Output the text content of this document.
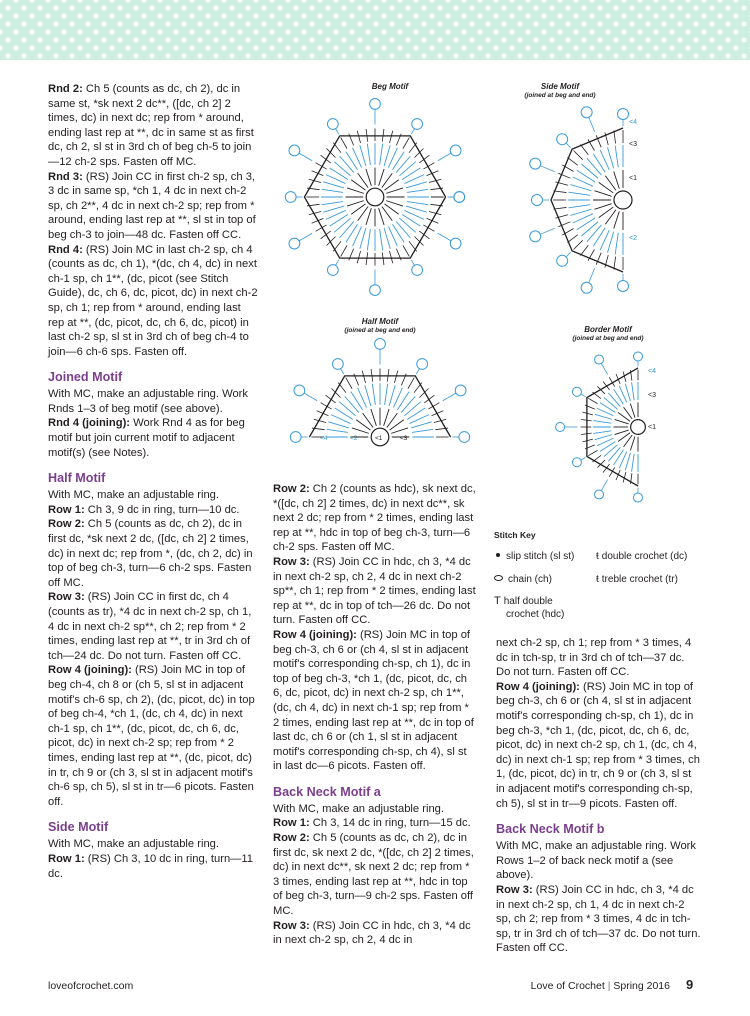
Rnd 2: Ch 5 (counts as dc, ch 2), dc in same st, *sk next 2 dc**, ([dc, ch 2] 2 times, dc) in next dc; rep from * around, ending last rep at **, dc in same st as first dc, ch 2, sl st in 3rd ch of beg ch-5 to join—12 ch-2 sps. Fasten off MC.

Rnd 3: (RS) Join CC in first ch-2 sp, ch 3, 3 dc in same sp, *ch 1, 4 dc in next ch-2 sp, ch 2**, 4 dc in next ch-2 sp; rep from * around, ending last rep at **, sl st in top of beg ch-3 to join—48 dc. Fasten off CC.

Rnd 4: (RS) Join MC in last ch-2 sp, ch 4 (counts as dc, ch 1), *(dc, ch 4, dc) in next ch-1 sp, ch 1**, (dc, picot (see Stitch Guide), dc, ch 6, dc, picot, dc) in next ch-2 sp, ch 1; rep from * around, ending last rep at **, (dc, picot, dc, ch 6, dc, picot) in last ch-2 sp, sl st in 3rd ch of beg ch-4 to join—6 ch-6 sps. Fasten off.

Joined Motif

With MC, make an adjustable ring. Work Rnds 1–3 of beg motif (see above).

Rnd 4 (joining): Work Rnd 4 as for beg motif but join current motif to adjacent motif(s) (see Notes).

Half Motif

With MC, make an adjustable ring.

Row 1: Ch 3, 9 dc in ring, turn—10 dc.

Row 2: Ch 5 (counts as dc, ch 2), dc in first dc, *sk next 2 dc, ([dc, ch 2] 2 times, dc) in next dc; rep from *, (dc, ch 2, dc) in top of beg ch-3, turn—6 ch-2 sps. Fasten off MC.

Row 3: (RS) Join CC in first dc, ch 4 (counts as tr), *4 dc in next ch-2 sp, ch 1, 4 dc in next ch-2 sp**, ch 2; rep from * 2 times, ending last rep at **, tr in 3rd ch of tch—24 dc. Do not turn. Fasten off CC.

Row 4 (joining): (RS) Join MC in top of beg ch-4, ch 8 or (ch 5, sl st in adjacent motif's ch-6 sp, ch 2), (dc, picot, dc) in top of beg ch-4, *ch 1, (dc, ch 4, dc) in next ch-1 sp, ch 1**, (dc, picot, dc, ch 6, dc, picot, dc) in next ch-2 sp; rep from * 2 times, ending last rep at **, (dc, picot, dc) in tr, ch 9 or (ch 3, sl st in adjacent motif's ch-6 sp, ch 5), sl st in tr—6 picots. Fasten off.

Side Motif

With MC, make an adjustable ring.

Row 1: (RS) Ch 3, 10 dc in ring, turn—11 dc.

Row 2: Ch 2 (counts as hdc), sk next dc, *([dc, ch 2] 2 times, dc) in next dc**, sk next 2 dc; rep from * 2 times, ending last rep at **, hdc in top of beg ch-3, turn—6 ch-2 sps. Fasten off MC.

Row 3: (RS) Join CC in hdc, ch 3, *4 dc in next ch-2 sp, ch 2, 4 dc in next ch-2 sp**, ch 1; rep from * 2 times, ending last rep at **, dc in top of tch—26 dc. Do not turn. Fasten off CC.

Row 4 (joining): (RS) Join MC in top of beg ch-3, ch 6 or (ch 4, sl st in adjacent motif's corresponding ch-sp, ch 1), dc in top of beg ch-3, *ch 1, (dc, picot, dc, ch 6, dc, picot, dc) in next ch-2 sp, ch 1**, (dc, ch 4, dc) in next ch-1 sp; rep from * 2 times, ending last rep at **, dc in top of last dc, ch 6 or (ch 1, sl st in adjacent motif's corresponding ch-sp, ch 4), sl st in last dc—6 picots. Fasten off.

Back Neck Motif a

With MC, make an adjustable ring.

Row 1: Ch 3, 14 dc in ring, turn—15 dc.

Row 2: Ch 5 (counts as dc, ch 2), dc in first dc, sk next 2 dc, *([dc, ch 2] 2 times, dc) in next dc**, sk next 2 dc; rep from * 3 times, ending last rep at **, hdc in top of beg ch-3, turn—9 ch-2 sps. Fasten off MC.

Row 3: (RS) Join CC in hdc, ch 3, *4 dc in next ch-2 sp, ch 2, 4 dc in

next ch-2 sp, ch 1; rep from * 3 times, 4 dc in tch-sp, tr in 3rd ch of tch—37 dc. Do not turn. Fasten off CC.

Row 4 (joining): (RS) Join MC in top of beg ch-3, ch 6 or (ch 4, sl st in adjacent motif's corresponding ch-sp, ch 1), dc in beg ch-3, *ch 1, (dc, picot, dc, ch 6, dc, picot, dc) in next ch-2 sp, ch 1, (dc, ch 4, dc) in next ch-1 sp; rep from * 3 times, ch 1, (dc, picot, dc) in tr, ch 9 or (ch 3, sl st in adjacent motif's corresponding ch-sp, ch 5), sl st in tr—9 picots. Fasten off.

Back Neck Motif b

With MC, make an adjustable ring. Work Rows 1–2 of back neck motif a (see above).

Row 3: (RS) Join CC in hdc, ch 3, *4 dc in next ch-2 sp, ch 1, 4 dc in next ch-2 sp, ch 2; rep from * 3 times, 4 dc in tch-sp, tr in 3rd ch of tch—37 dc. Do not turn. Fasten off CC.

Beg Motif	Side Motif
(joined at beg and end)
Half Motif
(joined at beg and end)	Border Motif
(joined at beg and end)
<4
<3
<1
<2
<1
<2	<3
<4
<4
<3
<1
Stitch Key
slip stitch (sl st)
chain (ch)
T half double
crochet (hdc)
ŧ double crochet (dc)
ŧ treble crochet (tr)
loveofcrochet.com	Love of Crochet | Spring 2016 9
